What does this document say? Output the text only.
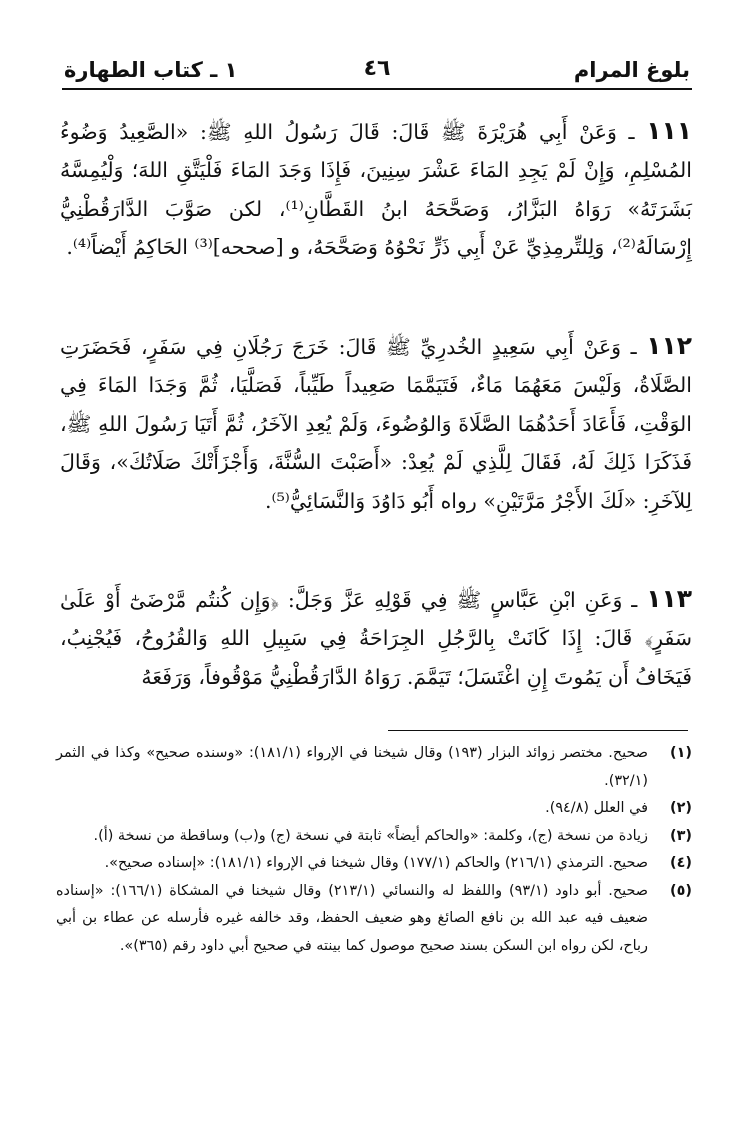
بلوغ المرام
٤٦
١ ـ كتاب الطهارة
١١١ ـ وَعَنْ أَبِي هُرَيْرَةَ ﷺ قَالَ: قَالَ رَسُولُ اللهِ ﷺ: «الصَّعِيدُ وَضُوءُ المُسْلِمِ، وَإِنْ لَمْ يَجِدِ المَاءَ عَشْرَ سِنِينَ، فَإِذَا وَجَدَ المَاءَ فَلْيَتَّقِ اللهَ؛ وَلْيُمِسَّهُ بَشَرَتَهُ» رَوَاهُ البَزَّارُ، وَصَحَّحَهُ ابنُ القَطَّانِ⁽¹⁾، لكن صَوَّبَ الدَّارَقُطْنِيُّ إِرْسَالَهُ⁽²⁾، وَلِلتِّرمِذِيِّ عَنْ أَبِي ذَرٍّ نَحْوُهُ وَصَحَّحَهُ، و [صححه]⁽³⁾ الحَاكِمُ أَيْضاً⁽⁴⁾.
١١٢ ـ وَعَنْ أَبِي سَعِيدٍ الخُدرِيِّ ﷺ قَالَ: خَرَجَ رَجُلَانِ فِي سَفَرٍ، فَحَضَرَتِ الصَّلَاةُ، وَلَيْسَ مَعَهُمَا مَاءٌ، فَتَيَمَّمَا صَعِيداً طَيِّباً، فَصَلَّيَا، ثُمَّ وَجَدَا المَاءَ فِي الوَقْتِ، فَأَعَادَ أَحَدُهُمَا الصَّلَاةَ وَالوُضُوءَ، وَلَمْ يُعِدِ الآخَرُ، ثُمَّ أَتَيَا رَسُولَ اللهِ ﷺ، فَذَكَرَا ذَلِكَ لَهُ، فَقَالَ لِلَّذِي لَمْ يُعِدْ: «أَصَبْتَ السُّنَّةَ، وَأَجْزَأَتْكَ صَلَاتُكَ»، وَقَالَ لِلآخَرِ: «لَكَ الأَجْرُ مَرَّتَيْنِ» رواه أَبُو دَاوُدَ وَالنَّسَائِيُّ⁽⁵⁾.
١١٣ ـ وَعَنِ ابْنِ عَبَّاسٍ ﷺ فِي قَوْلِهِ عَزَّ وَجَلَّ: ﴿وَإِن كُنتُم مَّرْضَىٰٓ أَوْ عَلَىٰ سَفَرٍ﴾ قَالَ: إِذَا كَانَتْ بِالرَّجُلِ الجِرَاحَةُ فِي سَبِيلِ اللهِ وَالقُرُوحُ، فَيُجْنِبُ، فَيَخَافُ أَن يَمُوتَ إِنِ اغْتَسَلَ؛ تَيَمَّمَ. رَوَاهُ الدَّارَقُطْنِيُّ مَوْقُوفاً، وَرَفَعَهُ
(١)
صحيح. مختصر زوائد البزار (١٩٣) وقال شيخنا في الإرواء (١٨١/١): «وسنده صحيح» وكذا في الثمر (٣٢/١).
(٢)
في العلل (٩٤/٨).
(٣)
زيادة من نسخة (ج)، وكلمة: «والحاكم أيضاً» ثابتة في نسخة (ج) و(ب) وساقطة من نسخة (أ).
(٤)
صحيح. الترمذي (٢١٦/١) والحاكم (١٧٧/١) وقال شيخنا في الإرواء (١٨١/١): «إسناده صحيح».
(٥)
صحيح. أبو داود (٩٣/١) واللفظ له والنسائي (٢١٣/١) وقال شيخنا في المشكاة (١٦٦/١): «إسناده ضعيف فيه عبد الله بن نافع الصائغ وهو ضعيف الحفظ، وقد خالفه غيره فأرسله عن عطاء بن أبي رباح، لكن رواه ابن السكن بسند صحيح موصول كما بينته في صحيح أبي داود رقم (٣٦٥)».
